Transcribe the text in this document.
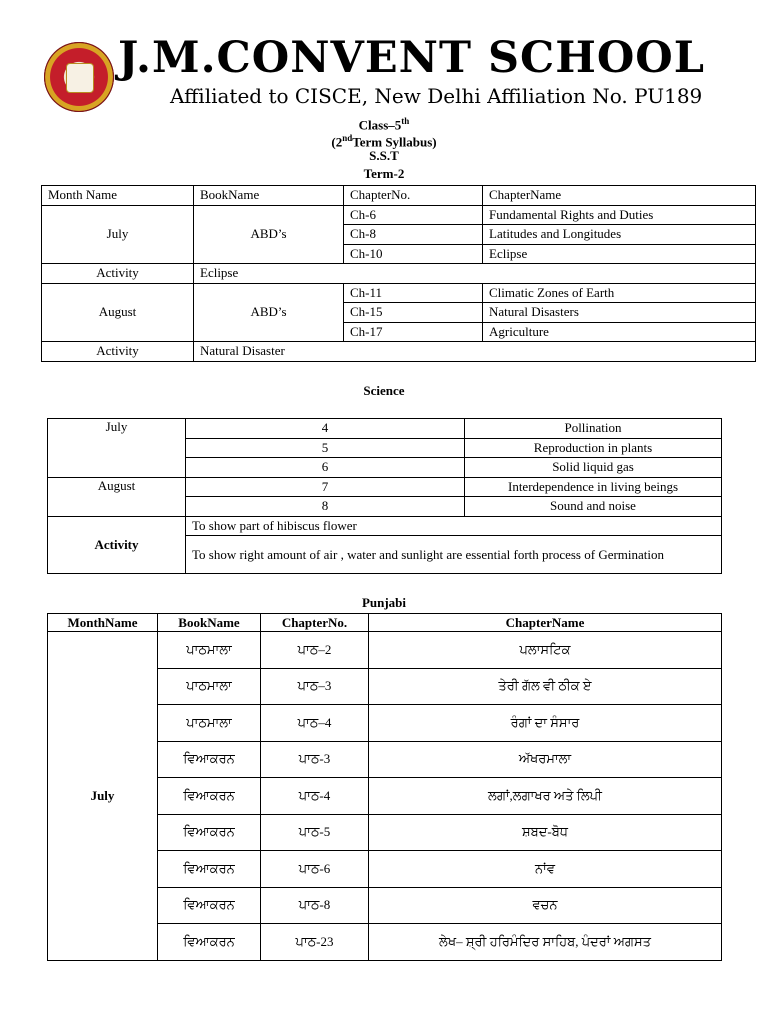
J.M.CONVENT SCHOOL
Affiliated to CISCE, New Delhi Affiliation No. PU189
Class–5th
(2ndTerm Syllabus)
S.S.T
Term-2
Month Name	BookName	ChapterNo.	ChapterName
July	ABD’s	Ch-6	Fundamental Rights and Duties
		Ch-8	Latitudes and Longitudes
		Ch-10	Eclipse
Activity	Eclipse		
August	ABD’s	Ch-11	Climatic Zones of Earth
		Ch-15	Natural Disasters
		Ch-17	Agriculture
Activity	Natural Disaster		
Science
July	4	Pollination
	5	Reproduction in plants
	6	Solid liquid gas
August	7	Interdependence in living beings
	8	Sound and noise
Activity	To show part of hibiscus flower	
	To show right amount of air , water and sunlight are essential forth process of Germination	
Punjabi
MonthName	BookName	ChapterNo.	ChapterName
July	ਪਾਠਮਾਲਾ	ਪਾਠ–2	ਪਲਾਸਟਿਕ
	ਪਾਠਮਾਲਾ	ਪਾਠ–3	ਤੇਰੀ ਗੱਲ ਵੀ ਠੀਕ ਏ
	ਪਾਠਮਾਲਾ	ਪਾਠ–4	ਰੰਗਾਂ ਦਾ ਸੰਸਾਰ
	ਵਿਆਕਰਨ	ਪਾਠ-3	ਅੱਖਰਮਾਲਾ
	ਵਿਆਕਰਨ	ਪਾਠ-4	ਲਗਾਂ,ਲਗਾਖਰ ਅਤੇ ਲਿਪੀ
	ਵਿਆਕਰਨ	ਪਾਠ-5	ਸ਼ਬਦ-ਬੋਧ
	ਵਿਆਕਰਨ	ਪਾਠ-6	ਨਾਂਵ
	ਵਿਆਕਰਨ	ਪਾਠ-8	ਵਚਨ
	ਵਿਆਕਰਨ	ਪਾਠ-23	ਲੇਖ– ਸ਼੍ਰੀ ਹਰਿਮੰਦਿਰ ਸਾਹਿਬ, ਪੰਦਰਾਂ ਅਗਸਤ
